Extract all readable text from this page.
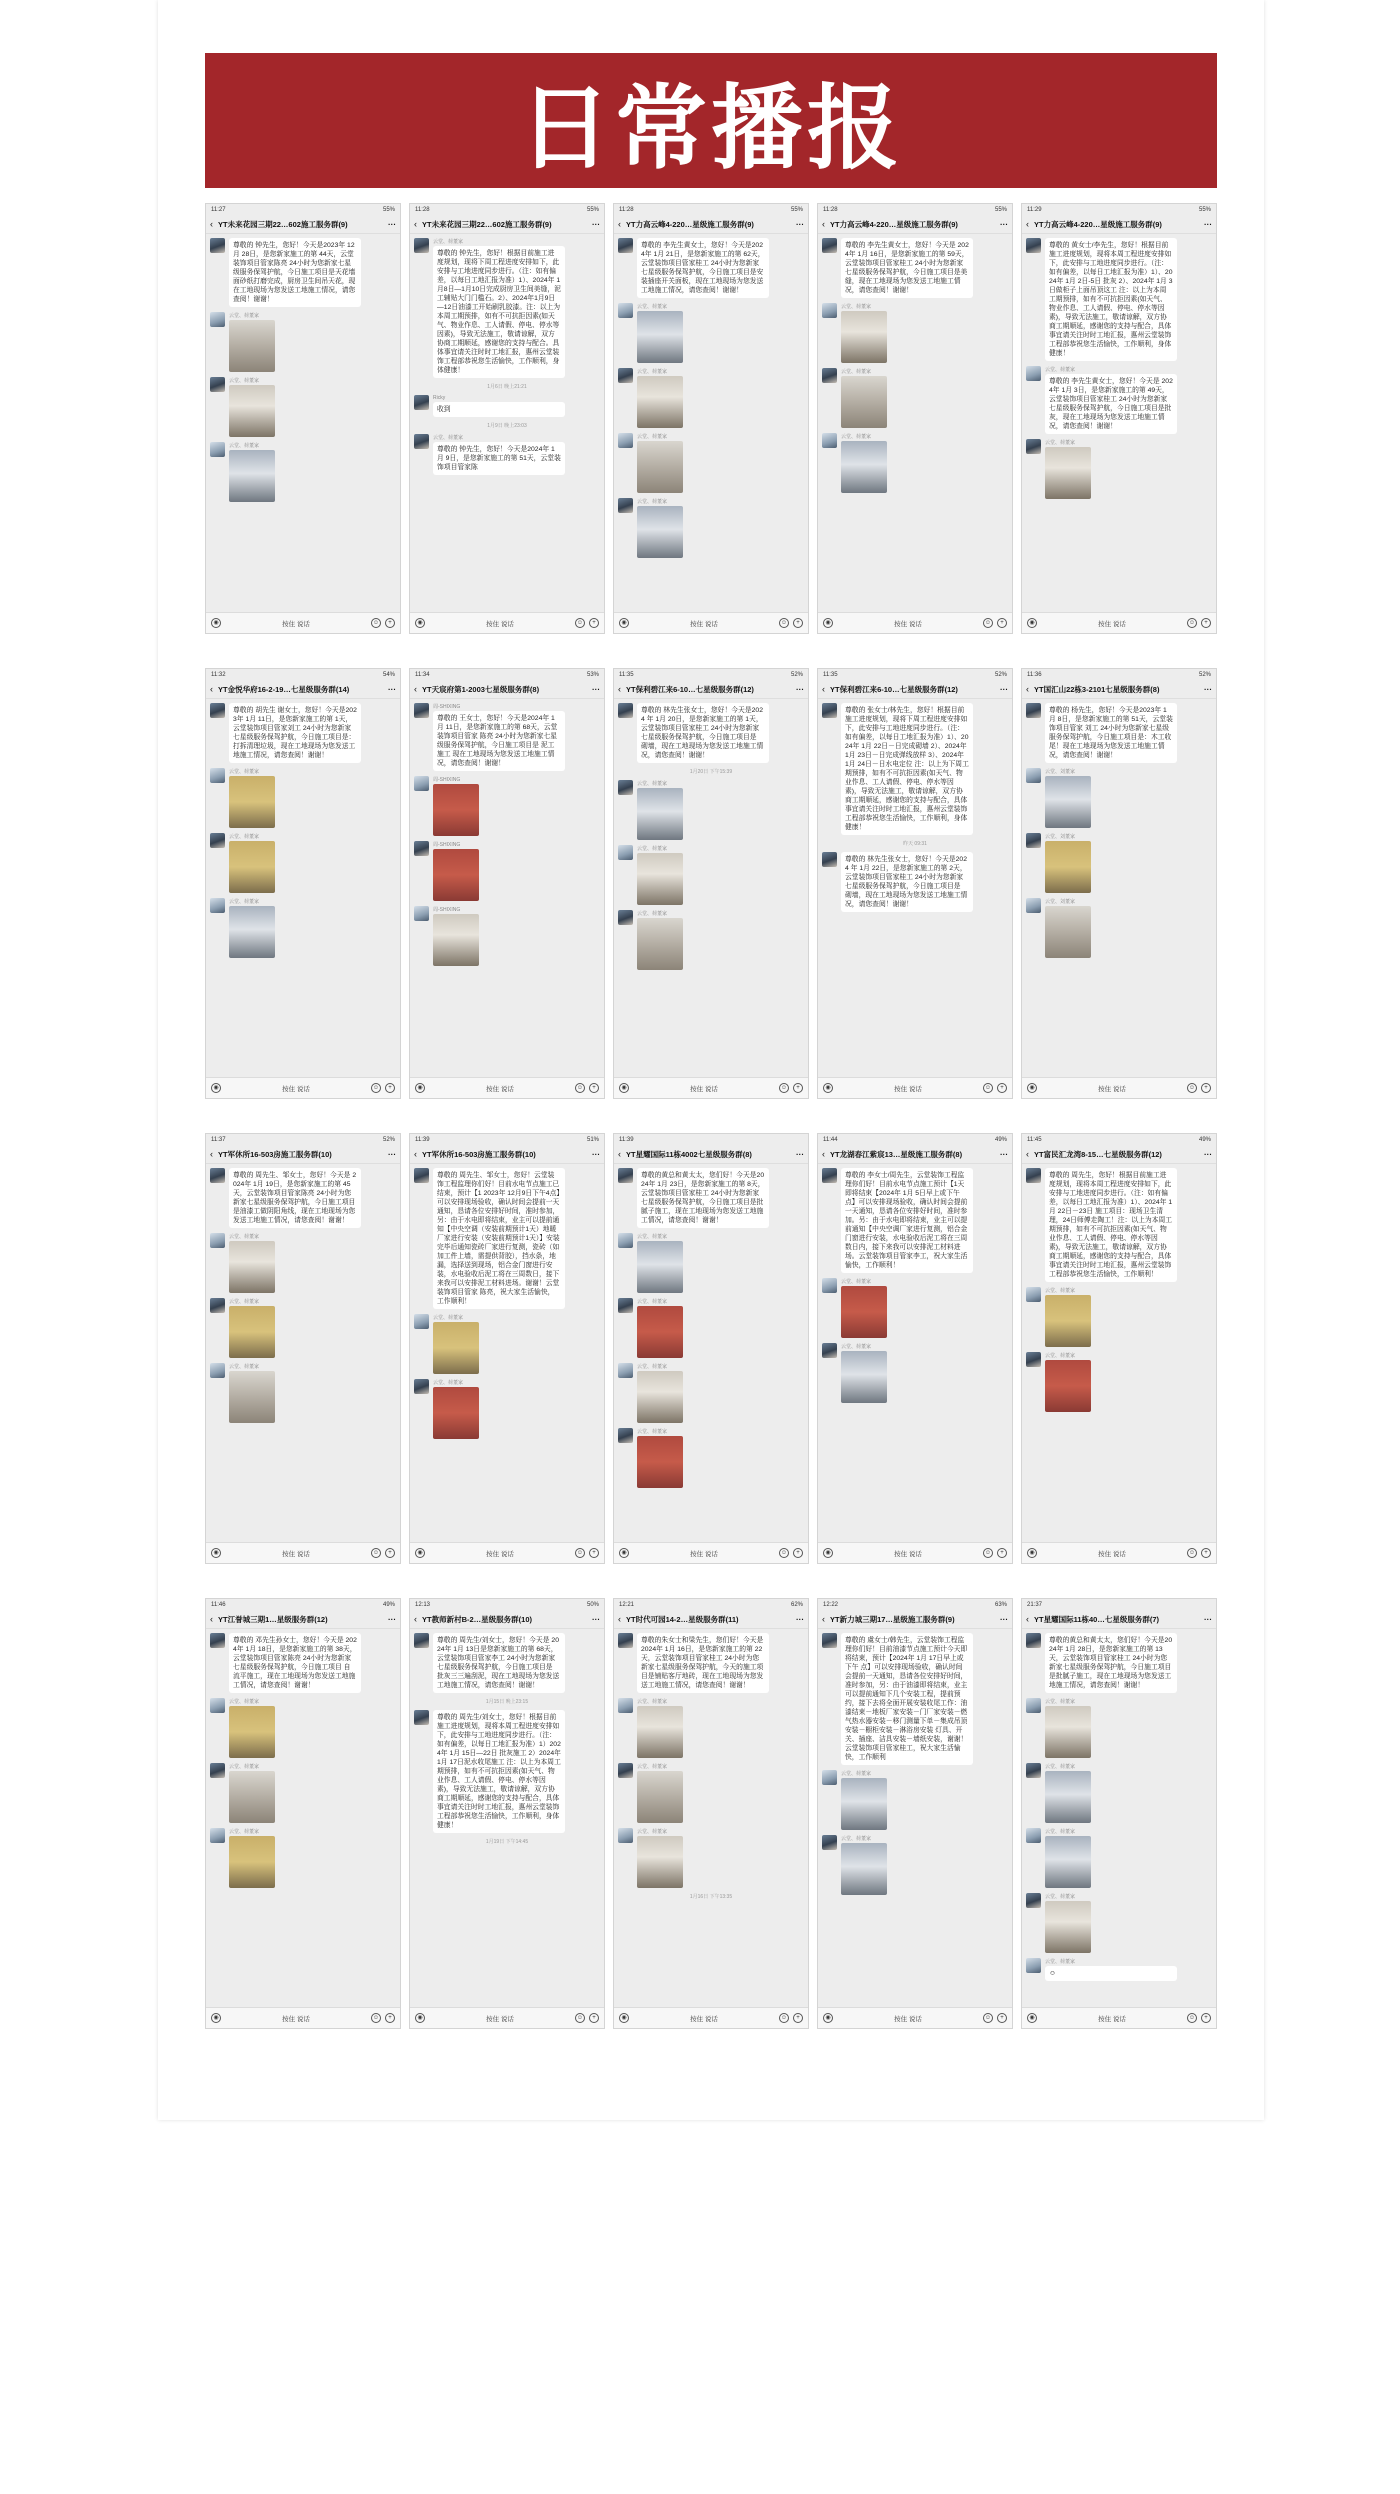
日常播报
11:27	55%
‹ YT未来花园三期22…602施工服务群(9)	···
尊敬的 钟先生，您好！今天是2023年 12月 28日，是您新家施工的第 44天，云堂装饰项目管家陈亮 24小时为您新家七星级服务保驾护航，今日施工项目是天花墙面砂纸打磨完成，厨房卫生间吊天花，现在工地现场为您发送工地施工情况，请您查阅！谢谢！
云堂、荷董家
云堂、荷董家
云堂、荷董家
◉	按住 说话	☺	+
11:28	55%
‹ YT未来花园三期22…602施工服务群(9)	···
云堂、荷董家
尊敬的 钟先生，您好！根据目前施工进度规划，现将下周工程进度安排如下，此安排与工地进度同步进行。（注：如有偏差，以每日工地汇报为准）1）、2024年 1月8日—1月10日完成厨房卫生间美缝，泥工辅贴大门门槛石。2）、2024年1月9日—12日油漆工开始刷乳胶漆。注：以上为本周工期预排，如有不可抗拒因素(如天气、物业作息、工人请假、停电、停水等因素)，导致无法施工，敬请谅解，双方协商工期顺延，感谢您的支持与配合。具体事宜请关注时时工地汇报，惠州云堂装饰工程部恭祝您生活愉快，工作顺利，身体健康！
1月6日 晚上21:21
Ricky
收到
1月9日 晚上23:03
云堂、荷董家
尊敬的 钟先生，您好！今天是2024年 1月 9日，是您新家施工的第 51天，云堂装饰项目管家陈
◉	按住 说话	☺	+
11:28	55%
‹ YT力高云峰4-220…星级施工服务群(9)	···
尊敬的 李先生黄女士，您好！今天是2024年 1月 21日，是您新家施工的第 62天，云堂装饰项目管家桂工 24小时为您新家七星级服务保驾护航，今日施工项目是安装插座开关面板，现在工地现场为您发送工地施工情况，请您查阅！谢谢！
云堂、荷董家
云堂、荷董家
云堂、荷董家
云堂、荷董家
◉	按住 说话	☺	+
11:28	55%
‹ YT力高云峰4-220…星级施工服务群(9)	···
尊敬的 李先生黄女士，您好！今天是 2024年 1月 16日，是您新家施工的第 59天，云堂装饰项目管家桂工 24小时为您新家七星级服务保驾护航，今日施工项目是美缝，现在工地现场为您发送工地施工情况，请您查阅！谢谢！
云堂、荷董家
云堂、荷董家
云堂、荷董家
◉	按住 说话	☺	+
11:29	55%
‹ YT力高云峰4-220…星级施工服务群(9)	···
尊敬的 黄女士/李先生，您好！根据目前施工进度规划，现将本周工程进度安排如下，此安排与工地进度同步进行。（注：如有偏差，以每日工地汇报为准）1）、2024年 1月 2日-5日 批灰 2）、2024年 1月 3日做柜子上面吊顶这工 注：以上为本周工期预排，如有不可抗拒因素(如天气、物业作息、工人请假、停电、停水等因素)，导致无法施工，敬请谅解，双方协商工期顺延，感谢您的支持与配合，具体事宜请关注时时工地汇报，惠州云堂装饰工程部恭祝您生活愉快，工作顺利，身体健康！
云堂、荷董家
尊敬的 李先生黄女士，您好！今天是 2024年 1月 3日，是您新家施工的第 49天，云堂装饰项目管家桂工 24小时为您新家七星级服务保驾护航，今日施工项目是批灰，现在工地现场为您发送工地施工情况，请您查阅！谢谢！
云堂、荷董家
◉	按住 说话	☺	+
11:32	54%
‹ YT金悦华府16-2-19…七星级服务群(14)	···
尊敬的 胡先生 谢女士，您好！今天是2023年 1月 11日，是您新家施工的第 1天，云堂装饰项目管家刘工 24小时为您新家七星级服务保驾护航，今日施工项目是：打拆清理垃圾，现在工地现场为您发送工地施工情况，请您查阅！谢谢！
云堂、荷董家
云堂、荷董家
云堂、荷董家
◉	按住 说话	☺	+
11:34	53%
‹ YT天宸府第1-2003七星级服务群(8)	···
周-SHIXING
尊敬的 王女士，您好！今天是2024年 1月 11日，是您新家施工的第 68天，云堂装饰项目管家 陈亮 24小时为您新家七星级服务保驾护航，今日施工项目是 泥工施工 现在工地现场为您发送工地施工情况，请您查阅！谢谢！
周-SHIXING
周-SHIXING
周-SHIXING
◉	按住 说话	☺	+
11:35	52%
‹ YT保利碧江来6-10…七星级服务群(12)	···
尊敬的 林先生张女士，您好！今天是2024 年 1月 20日，是您新家施工的第 1天，云堂装饰项目管家桂工 24小时为您新家七星级服务保驾护航，今日施工项目是 砌墙，现在工地现场为您发送工地施工情况，请您查阅！谢谢！
1月20日 下午15:39
云堂、荷董家
云堂、荷董家
云堂、荷董家
◉	按住 说话	☺	+
11:35	52%
‹ YT保利碧江来6-10…七星级服务群(12)	···
尊敬的 张女士/林先生，您好！根据目前施工进度规划，现将下周工程进度安排如下，此安排与工地进度同步进行。（注：如有偏差，以每日工地汇报为准）1）、2024年 1月 22日－日完成砌墙 2）、2024年 1月 23日－日完成弹线放样 3）、2024年 1月 24日－日水电定位 注：以上为下周工期预排，如有不可抗拒因素(如天气、物业作息、工人请假、停电、停水等因素)，导致无法施工，敬请谅解，双方协商工期顺延，感谢您的支持与配合，具体事宜请关注时时工地汇报，惠州云堂装饰工程部恭祝您生活愉快，工作顺利，身体健康！
昨天 09:31
尊敬的 林先生张女士，您好！今天是2024 年 1月 22日，是您新家施工的第 2天，云堂装饰项目管家桂工 24小时为您新家七星级服务保驾护航，今日施工项目是 砌墙，现在工地现场为您发送工地施工情况，请您查阅！谢谢！
◉	按住 说话	☺	+
11:36	52%
‹ YT国汇山22栋3-2101七星级服务群(8)	···
尊敬的 杨先生，您好！今天是2023年 1月 8日，是您新家施工的第 51天，云堂装饰项目管家 刘工 24小时为您新家七星级服务保驾护航，今日施工项目是：木工收尾！现在工地现场为您发送工地施工情况，请您查阅！谢谢！
云堂、刘董家
云堂、刘董家
云堂、刘董家
◉	按住 说话	☺	+
11:37	52%
‹ YT军休所16-503房施工服务群(10)	···
尊敬的 周先生、邹女士，您好！今天是 2024年 1月 19日，是您新家施工的第 45天，云堂装饰项目管家陈亮 24小时为您新家七星级服务保驾护航，今日施工项目是油漆工做阴阳角线，现在工地现场为您发送工地施工情况，请您查阅！谢谢！
云堂、荷董家
云堂、荷董家
云堂、荷董家
◉	按住 说话	☺	+
11:39	51%
‹ YT军休所16-503房施工服务群(10)	···
尊敬的 周先生、邹女士，您好！云堂装饰工程监理你们好！目前水电节点施工已结束，预计【1 2023年 12月9日下午4点】可以安排现场验收，确认时间会提前一天通知，恳请各位安排好时间，准时参加，另：由于水电即将结束，业主可以提前通知【中央空调（安装前期预计1天）地暖厂家进行安装（安装前期预计1天）】安装完毕后通知瓷砖厂家进行复测，瓷砖（如加工件上墙，需提供背胶），挡水条，地漏，选择送到现场，铝合金门窗进行安装，水电验收后泥工将在三周数日，接下来我可以安排泥工材料进场。谢谢！云堂装饰项目管家 陈亮，祝大家生活愉快，工作顺利！
云堂、荷董家
云堂、荷董家
◉	按住 说话	☺	+
11:39
‹ YT星耀国际11栋4002七星级服务群(8)	···
尊敬的黄总和黄太太，您们好！今天是2024年 1月 23日，是您新家施工的第 8天，云堂装饰项目管家桂工 24小时为您新家七星级服务保驾护航，今日施工项目是批腻子施工，现在工地现场为您发送工地施工情况，请您查阅！谢谢！
云堂、荷董家
云堂、荷董家
云堂、荷董家
云堂、荷董家
◉	按住 说话	☺	+
11:44	49%
‹ YT龙湖春江紫宸13…星级施工服务群(8)	···
尊敬的 李女士/周先生，云堂装饰工程监理你们好！目前水电节点施工预计【1天即将结束【2024年 1月 5日早上或下午 点】可以安排现场验收，确认时间会提前一天通知，恳请各位安排好时间，准时参加。另：由于水电即将结束，业主可以提前通知【中央空调厂家进行复测，铝合金门窗进行安装，水电验收后泥工将在三周数日内，接下来我可以安排泥工材料进场。云堂装饰项目管家李工，祝大家生活愉快，工作顺利！
云堂、荷董家
云堂、荷董家
◉	按住 说话	☺	+
11:45	49%
‹ YT富民汇龙湾8-15…七星级服务群(12)	···
尊敬的 周先生，您好！根据目前施工进度规划，现将本周工程进度安排如下，此安排与工地进度同步进行。（注：如有偏差，以每日工地汇报为准）1）、2024年 1月 22日－23日 施工项目：现场卫生清理，24日师傅走陶工！注：以上为本周工期预排，如有不可抗拒因素(如天气、物业作息、工人请假、停电、停水等因素)，导致无法施工，敬请谅解，双方协商工期顺延，感谢您的支持与配合，具体事宜请关注时时工地汇报，惠州云堂装饰工程部恭祝您生活愉快，工作顺利！
云堂、荷董家
云堂、荷董家
◉	按住 说话	☺	+
11:46	49%
‹ YT江誉城三期1…星级服务群(12)	···
尊敬的 邓先生孙女士，您好！今天是 2024年 1月 18日，是您新家施工的第 38天，云堂装饰项目管家陈亮 24小时为您新家七星级服务保驾护航，今日施工项目 自流平施工，现在工地现场为您发送工地施工情况，请您查阅！谢谢！
云堂、荷董家
云堂、荷董家
云堂、荷董家
◉	按住 说话	☺	+
12:13	50%
‹ YT教师新村B-2…星级服务群(10)	···
尊敬的 周先生/刘女士，您好！今天是 2024年 1月 13日是您新家施工的第 68天，云堂装饰项目管家李工 24小时为您新家七星级服务保驾护航，今日施工项目是 批灰三三遍刮泥，现在工地现场为您发送工地施工情况，请您查阅！谢谢！
1月15日 晚上23:15
尊敬的 周先生/刘女士，您好！根据目前施工进度规划，现将本周工程进度安排如下，此安排与工地进度同步进行。（注：如有偏差，以每日工地汇报为准）1）2024年 1月 15日—22日 批灰施工 2）2024年 1月 17日泥水收尾施工 注：以上为本周工期预排，如有不可抗拒因素(如天气、物业作息、工人请假、停电、停水等因素)，导致无法施工，敬请谅解，双方协商工期顺延，感谢您的支持与配合，具体事宜请关注时时工地汇报，惠州云堂装饰工程部恭祝您生活愉快，工作顺利，身体健康！
1月19日 下午14:45
◉	按住 说话	☺	+
12:21	62%
‹ YT时代可园14-2…星级服务群(11)	···
尊敬的朱女士和梁先生，您们好！今天是2024年 1月 16日，是您新家施工的第 22天，云堂装饰项目管家桂工 24小时为您新家七星级服务保驾护航，今天的施工项目是铺贴客厅地砖，现在工地现场为您发送工地施工情况，请您查阅！谢谢！
云堂、荷董家
云堂、荷董家
云堂、荷董家
1月16日 下午13:35
◉	按住 说话	☺	+
12:22	63%
‹ YT新力城三期17…星级施工服务群(9)	···
尊敬的 虞女士/韩先生，云堂装饰工程监理你们好！目前油漆节点施工预计今天即将结束，预计【2024年 1月 17日早上或下午 点】可以安排现场验收，确认时间会提前一天通知，恳请各位安排好时间，准时参加，另：由于油漆即将结束，业主可以提前通知下几个安装工程，提前预约，接下去将全面开展安装收尾工作：油漆结束－地板厂家安装－门厂家安装－燃气热水器安装－移门测量下单－集成吊顶安装－橱柜安装－淋浴房安装 灯具、开关、插座、洁具安装－墙纸安装，谢谢！云堂装饰项目管家桂工，祝大家生活愉快，工作顺利
云堂、荷董家
云堂、荷董家
◉	按住 说话	☺	+
21:37
‹ YT星耀国际11栋40…七星级服务群(7)	···
尊敬的黄总和黄太太，您们好！今天是2024年 1月 28日，是您新家施工的第 13天，云堂装饰项目管家桂工 24小时为您新家七星级服务保驾护航，今日施工项目是批腻子施工，现在工地现场为您发送工地施工情况，请您查阅！谢谢！
云堂、荷董家
云堂、荷董家
云堂、荷董家
云堂、荷董家
云堂、荷董家
☺
◉	按住 说话	☺	+
